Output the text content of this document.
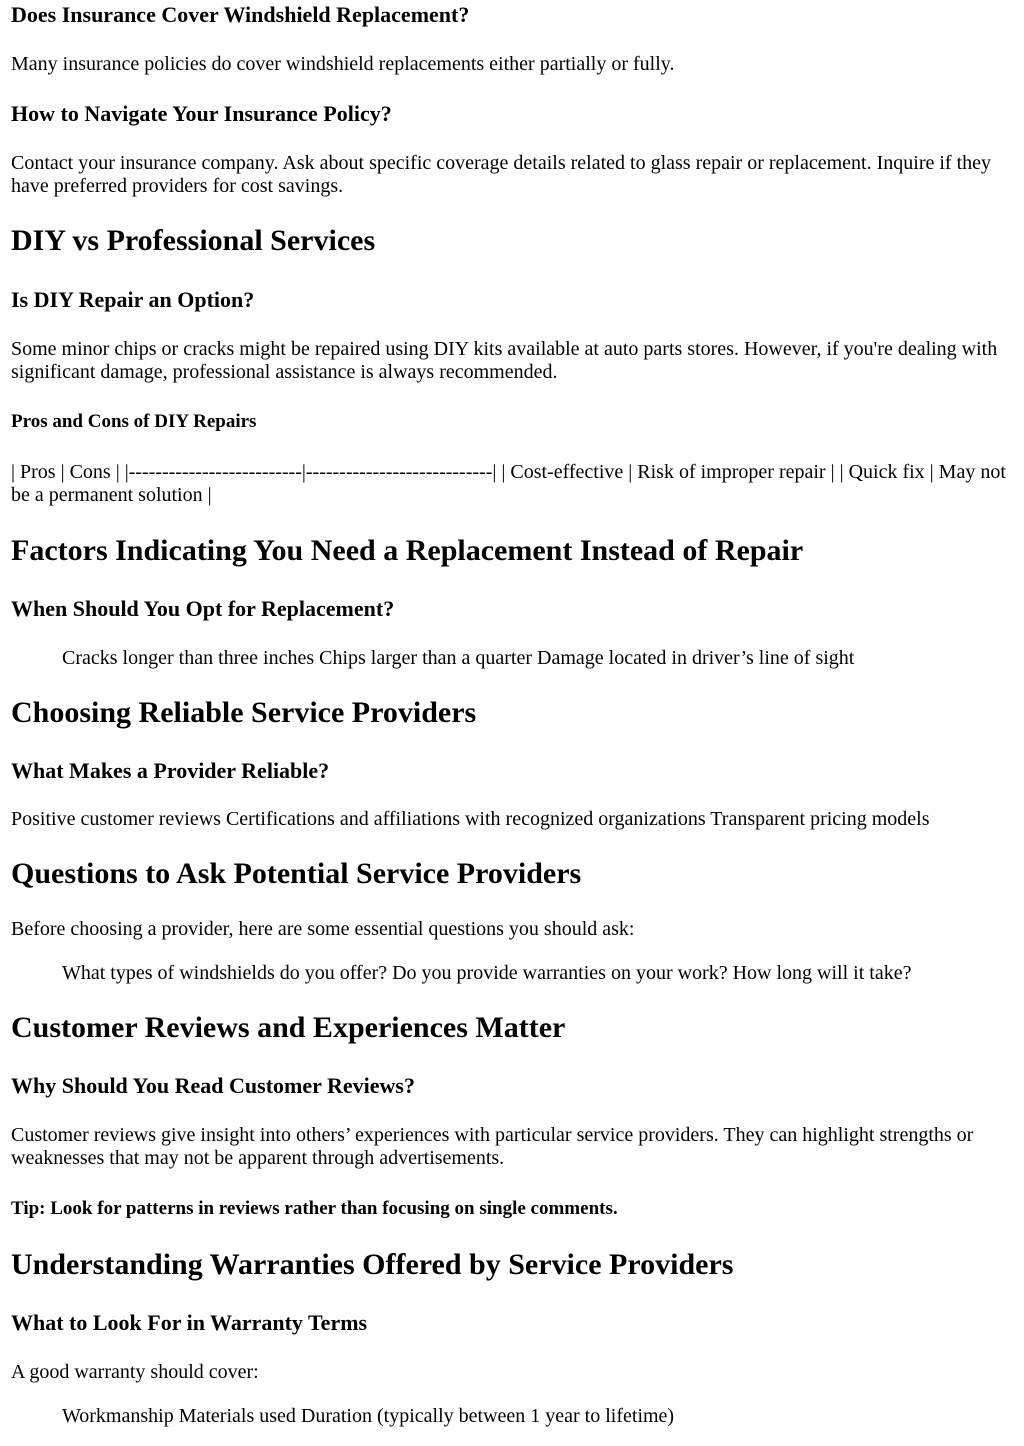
Does Insurance Cover Windshield Replacement?

Many insurance policies do cover windshield replacements either partially or fully.

How to Navigate Your Insurance Policy?

Contact your insurance company. Ask about specific coverage details related to glass repair or replacement. Inquire if they have preferred providers for cost savings.

DIY vs Professional Services
Is DIY Repair an Option?

Some minor chips or cracks might be repaired using DIY kits available at auto parts stores. However, if you're dealing with significant damage, professional assistance is always recommended.

Pros and Cons of DIY Repairs

| Pros | Cons | |--------------------------|----------------------------| | Cost-effective | Risk of improper repair | | Quick fix | May not be a permanent solution |

Factors Indicating You Need a Replacement Instead of Repair
When Should You Opt for Replacement?

Cracks longer than three inches Chips larger than a quarter Damage located in driver’s line of sight

Choosing Reliable Service Providers
What Makes a Provider Reliable?

Positive customer reviews Certifications and affiliations with recognized organizations Transparent pricing models

Questions to Ask Potential Service Providers

Before choosing a provider, here are some essential questions you should ask:

What types of windshields do you offer? Do you provide warranties on your work? How long will it take?

Customer Reviews and Experiences Matter
Why Should You Read Customer Reviews?

Customer reviews give insight into others’ experiences with particular service providers. They can highlight strengths or weaknesses that may not be apparent through advertisements.

Tip: Look for patterns in reviews rather than focusing on single comments.
Understanding Warranties Offered by Service Providers
What to Look For in Warranty Terms

A good warranty should cover:

Workmanship Materials used Duration (typically between 1 year to lifetime)
